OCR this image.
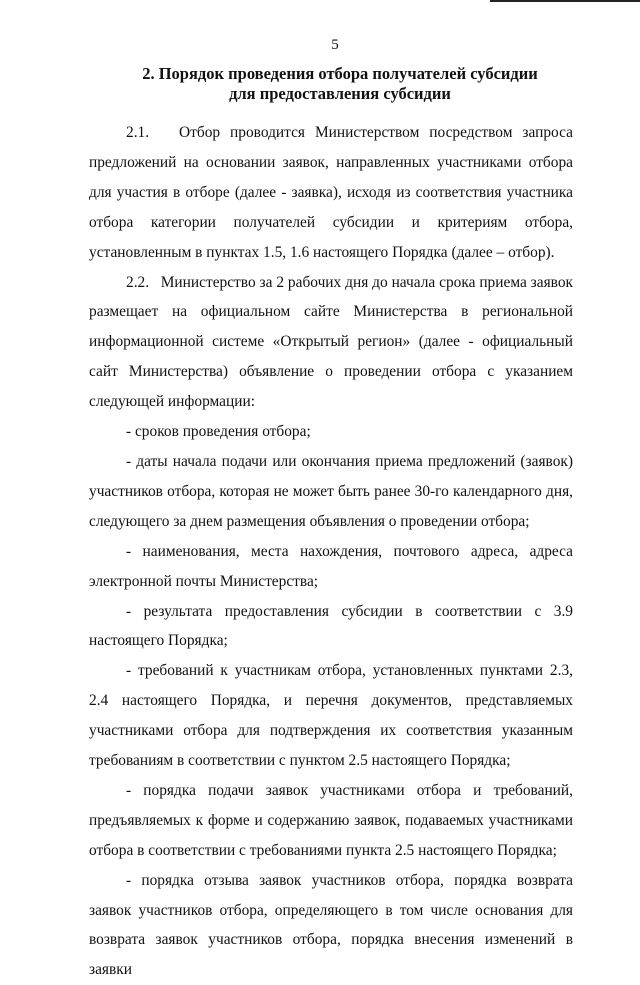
5
2. Порядок проведения отбора получателей субсидии
для предоставления субсидии

2.1.   Отбор проводится Министерством посредством запроса предложений на основании заявок, направленных участниками отбора для участия в отборе (далее - заявка), исходя из соответствия участника отбора категории получателей субсидии и критериям отбора, установленным в пунктах 1.5, 1.6 настоящего Порядка (далее – отбор).

2.2.   Министерство за 2 рабочих дня до начала срока приема заявок размещает на официальном сайте Министерства в региональной информационной системе «Открытый регион» (далее - официальный сайт Министерства) объявление о проведении отбора с указанием следующей информации:

- сроков проведения отбора;

- даты начала подачи или окончания приема предложений (заявок) участников отбора, которая не может быть ранее 30-го календарного дня, следующего за днем размещения объявления о проведении отбора;

- наименования, места нахождения, почтового адреса, адреса электронной почты Министерства;

- результата предоставления субсидии в соответствии с 3.9 настоящего Порядка;

- требований к участникам отбора, установленных пунктами 2.3, 2.4 настоящего Порядка, и перечня документов, представляемых участниками отбора для подтверждения их соответствия указанным требованиям в соответствии с пунктом 2.5 настоящего Порядка;

- порядка подачи заявок участниками отбора и требований, предъявляемых к форме и содержанию заявок, подаваемых участниками отбора в соответствии с требованиями пункта 2.5 настоящего Порядка;

- порядка отзыва заявок участников отбора, порядка возврата заявок участников отбора, определяющего в том числе основания для возврата заявок участников отбора, порядка внесения изменений в заявки
